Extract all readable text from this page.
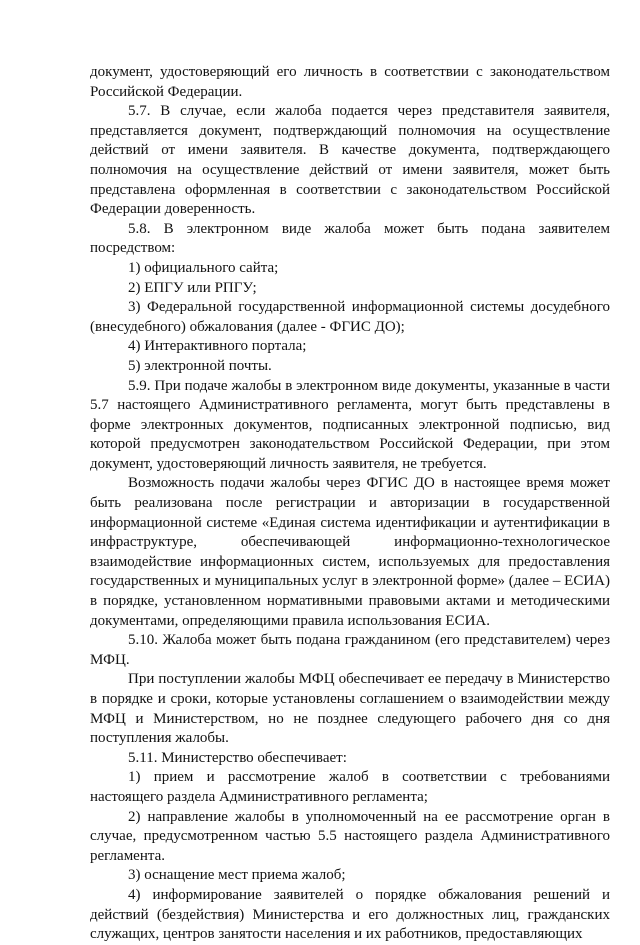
документ, удостоверяющий его личность в соответствии с законодательством Российской Федерации.

5.7. В случае, если жалоба подается через представителя заявителя, представляется документ, подтверждающий полномочия на осуществление действий от имени заявителя. В качестве документа, подтверждающего полномочия на осуществление действий от имени заявителя, может быть представлена оформленная в соответствии с законодательством Российской Федерации доверенность.

5.8. В электронном виде жалоба может быть подана заявителем посредством:

1) официального сайта;

2) ЕПГУ или РПГУ;

3) Федеральной государственной информационной системы досудебного (внесудебного) обжалования (далее - ФГИС ДО);

4) Интерактивного портала;

5) электронной почты.

5.9. При подаче жалобы в электронном виде документы, указанные в части 5.7 настоящего Административного регламента, могут быть представлены в форме электронных документов, подписанных электронной подписью, вид которой предусмотрен законодательством Российской Федерации, при этом документ, удостоверяющий личность заявителя, не требуется.

Возможность подачи жалобы через ФГИС ДО в настоящее время может быть реализована после регистрации и авторизации в государственной информационной системе «Единая система идентификации и аутентификации в инфраструктуре, обеспечивающей информационно-технологическое взаимодействие информационных систем, используемых для предоставления государственных и муниципальных услуг в электронной форме» (далее – ЕСИА) в порядке, установленном нормативными правовыми актами и методическими документами, определяющими правила использования ЕСИА.

5.10. Жалоба может быть подана гражданином (его представителем) через МФЦ.

При поступлении жалобы МФЦ обеспечивает ее передачу в Министерство в порядке и сроки, которые установлены соглашением о взаимодействии между МФЦ и Министерством, но не позднее следующего рабочего дня со дня поступления жалобы.

5.11. Министерство обеспечивает:

1) прием и рассмотрение жалоб в соответствии с требованиями настоящего раздела Административного регламента;

2) направление жалобы в уполномоченный на ее рассмотрение орган в случае, предусмотренном частью 5.5 настоящего раздела Административного регламента.

3) оснащение мест приема жалоб;

4) информирование заявителей о порядке обжалования решений и действий (бездействия) Министерства и его должностных лиц, гражданских служащих, центров занятости населения и их работников, предоставляющих
